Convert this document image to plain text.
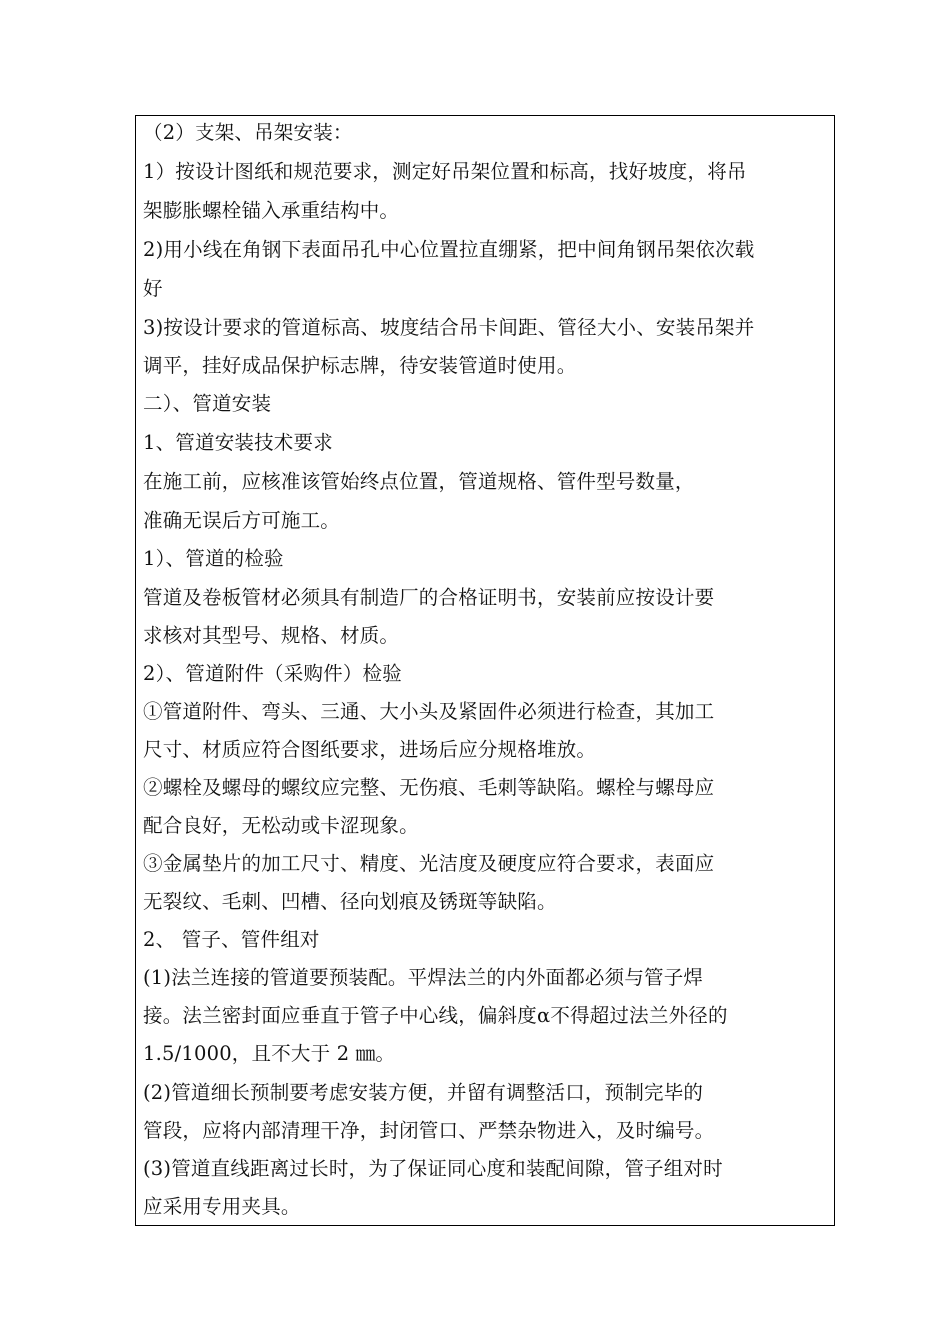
（2）支架、吊架安装：
1）按设计图纸和规范要求，测定好吊架位置和标高，找好坡度，将吊
架膨胀螺栓锚入承重结构中。
2)用小线在角钢下表面吊孔中心位置拉直绷紧，把中间角钢吊架依次载
好
3)按设计要求的管道标高、坡度结合吊卡间距、管径大小、安装吊架并
调平，挂好成品保护标志牌，待安装管道时使用。
二）、管道安装
1、管道安装技术要求
在施工前，应核准该管始终点位置，管道规格、管件型号数量，
准确无误后方可施工。
1）、管道的检验
管道及卷板管材必须具有制造厂的合格证明书，安装前应按设计要
求核对其型号、规格、材质。
2）、管道附件（采购件）检验
①管道附件、弯头、三通、大小头及紧固件必须进行检查，其加工
尺寸、材质应符合图纸要求，进场后应分规格堆放。
②螺栓及螺母的螺纹应完整、无伤痕、毛刺等缺陷。螺栓与螺母应
配合良好，无松动或卡涩现象。
③金属垫片的加工尺寸、精度、光洁度及硬度应符合要求，表面应
无裂纹、毛刺、凹槽、径向划痕及锈斑等缺陷。
2、 管子、管件组对
(1)法兰连接的管道要预装配。平焊法兰的内外面都必须与管子焊
接。法兰密封面应垂直于管子中心线，偏斜度α不得超过法兰外径的
1.5/1000，且不大于 2 ㎜。
(2)管道细长预制要考虑安装方便，并留有调整活口，预制完毕的
管段，应将内部清理干净，封闭管口、严禁杂物进入，及时编号。
(3)管道直线距离过长时，为了保证同心度和装配间隙，管子组对时
应采用专用夹具。
